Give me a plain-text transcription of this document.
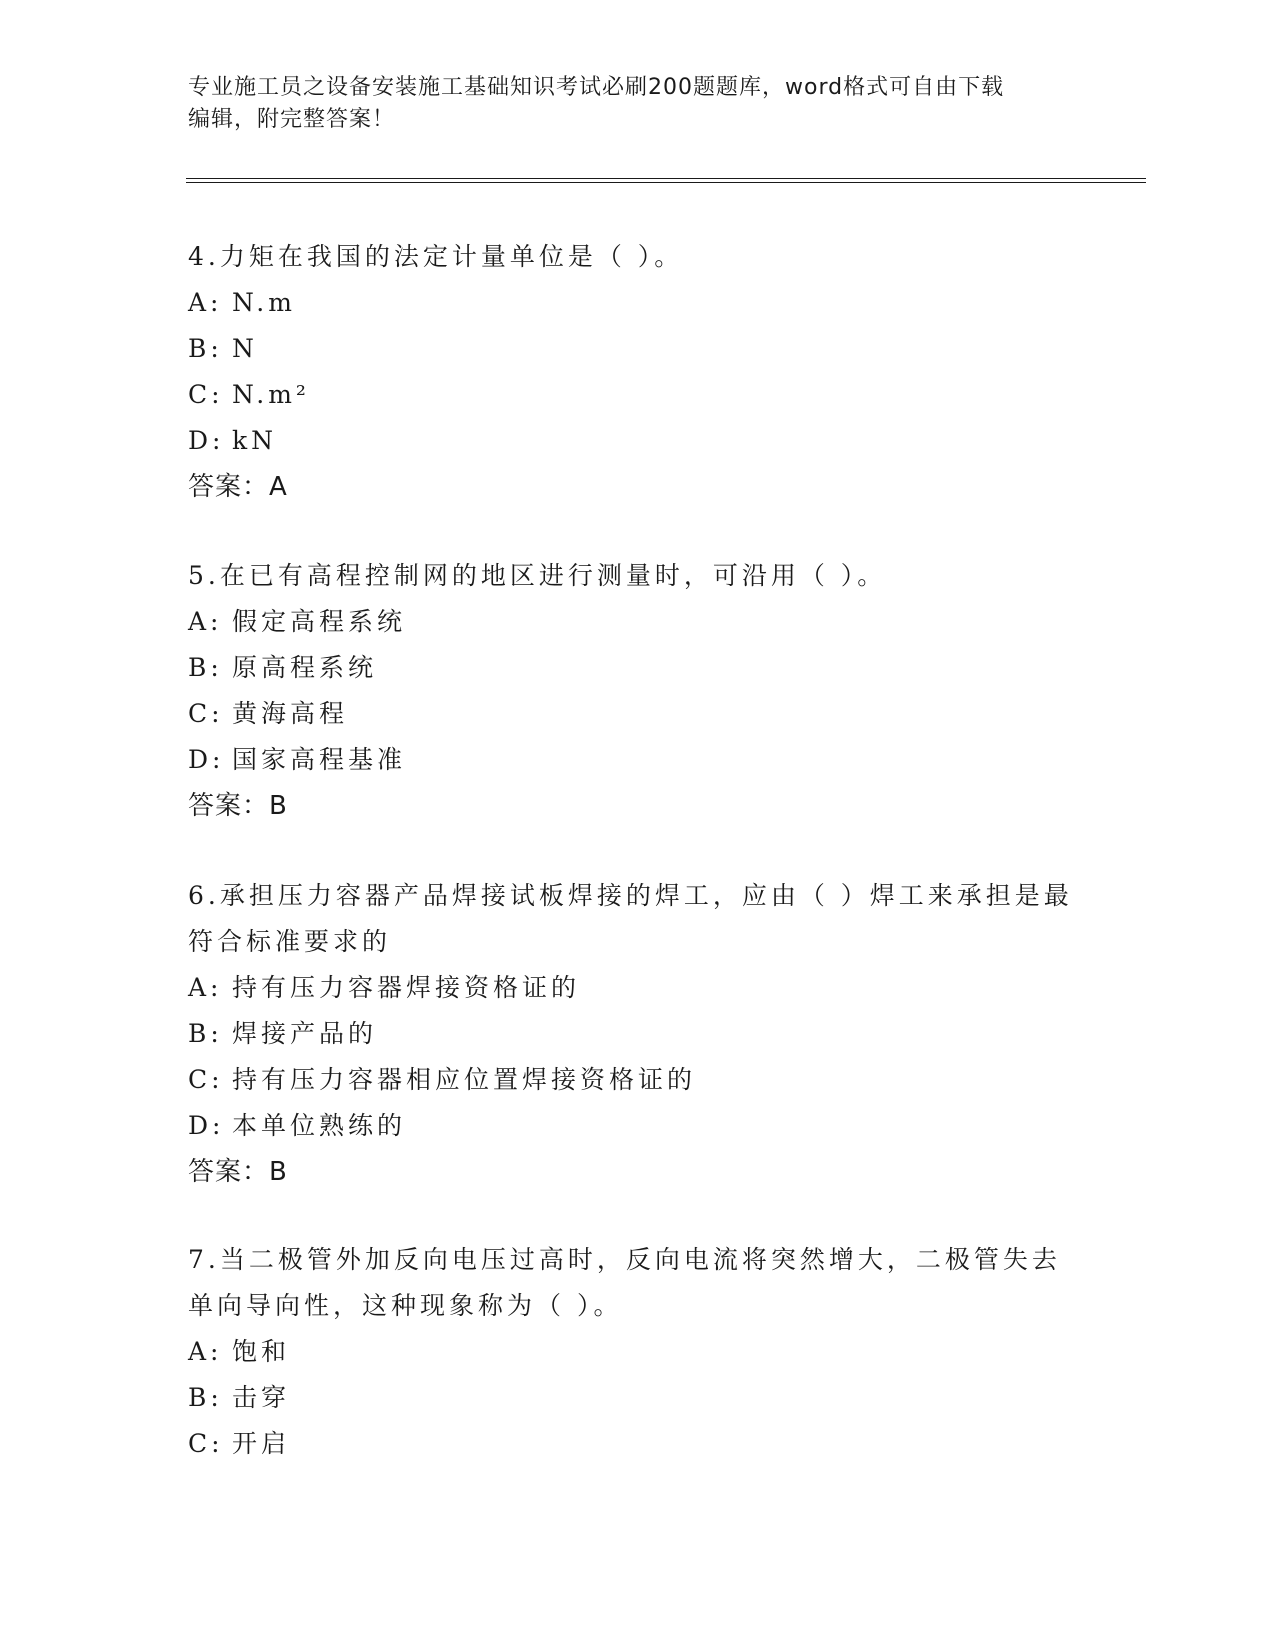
专业施工员之设备安装施工基础知识考试必刷200题题库，word格式可自由下载
编辑，附完整答案！
4.力矩在我国的法定计量单位是（ ）。
A: N.m
B: N
C: N.m²
D: kN
答案：A
5.在已有高程控制网的地区进行测量时，可沿用（ ）。
A: 假定高程系统
B: 原高程系统
C: 黄海高程
D: 国家高程基准
答案：B
6.承担压力容器产品焊接试板焊接的焊工，应由（ ）焊工来承担是最
符合标准要求的
A: 持有压力容器焊接资格证的
B: 焊接产品的
C: 持有压力容器相应位置焊接资格证的
D: 本单位熟练的
答案：B
7.当二极管外加反向电压过高时，反向电流将突然增大，二极管失去
单向导向性，这种现象称为（ ）。
A: 饱和
B: 击穿
C: 开启
